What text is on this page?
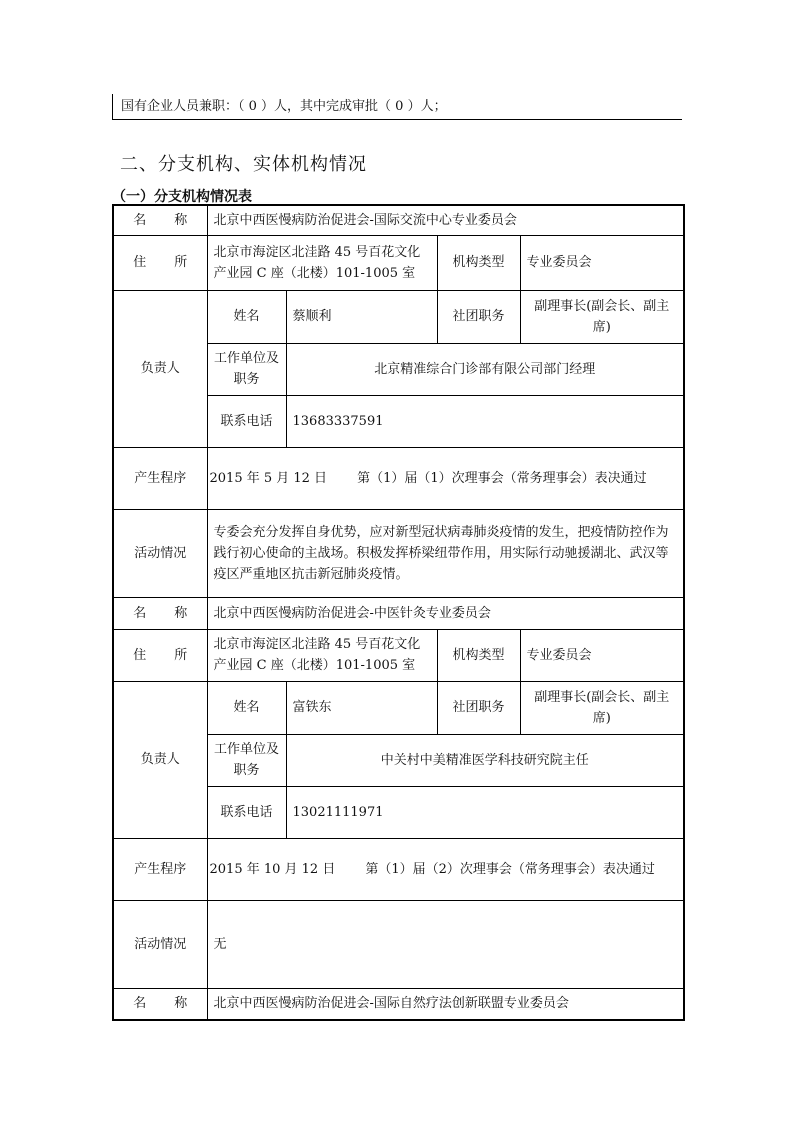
国有企业人员兼职：（ 0 ）人，其中完成审批（ 0 ）人；
二、分支机构、实体机构情况
（一）分支机构情况表
名 称	北京中西医慢病防治促进会-国际交流中心专业委员会			
住 所	北京市海淀区北洼路 45 号百花文化产业园 C 座（北楼）101-1005 室		机构类型	专业委员会
负责人	姓名	蔡顺利	社团职务	副理事长(副会长、副主席)
	工作单位及职务	北京精准综合门诊部有限公司部门经理		
	联系电话	13683337591		
产生程序	2015 年 5 月 12 日 第（1）届（1）次理事会（常务理事会）表决通过			
活动情况	专委会充分发挥自身优势，应对新型冠状病毒肺炎疫情的发生，把疫情防控作为践行初心使命的主战场。积极发挥桥梁纽带作用，用实际行动驰援湖北、武汉等疫区严重地区抗击新冠肺炎疫情。			
名 称	北京中西医慢病防治促进会-中医针灸专业委员会			
住 所	北京市海淀区北洼路 45 号百花文化产业园 C 座（北楼）101-1005 室		机构类型	专业委员会
负责人	姓名	富铁东	社团职务	副理事长(副会长、副主席)
	工作单位及职务	中关村中美精准医学科技研究院主任		
	联系电话	13021111971		
产生程序	2015 年 10 月 12 日 第（1）届（2）次理事会（常务理事会）表决通过			
活动情况	无			
名 称	北京中西医慢病防治促进会-国际自然疗法创新联盟专业委员会			
